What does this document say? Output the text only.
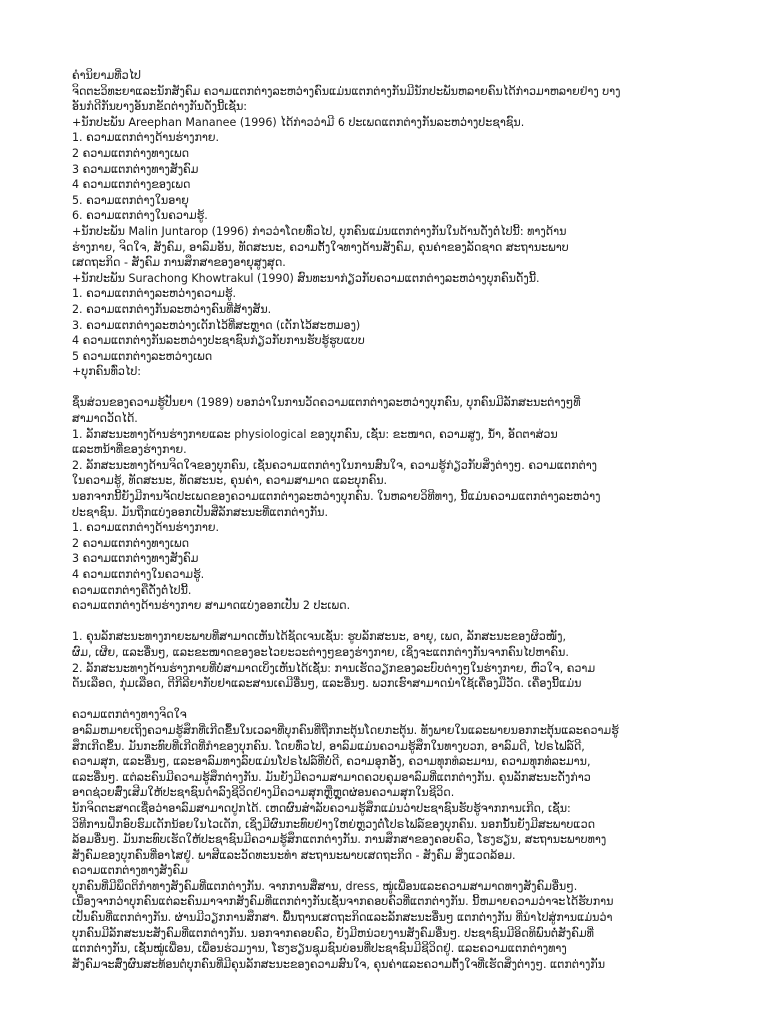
ຄໍານິຍາມທີ່ວໄປ
ຈິດຕະວິທະຍາແລະນັກສັງຄົມ ຄວາມແຕກຕ່າງລະຫວ່າງຄົນແມ່ນແຕກຕ່າງກັນມີນັກປະພັນຫລາຍຄົນໄດ້ກ່າວມາຫລາຍຢ່າງ ບາງ
ອັນກໍດີກັນບາງອັນກຂັດຕ່າງກັນດັ່ງນີ້ເຊັ່ນ:
+ນັກປະພັນ Areephan Mananee (1996) ໄດ້ກ່າວວ່າມີ 6 ປະເພດແຕກຕ່າງກັນລະຫວ່າງປະຊາຊົນ.
1. ຄວາມແຕກຕ່າງດ້ານຮ່າງກາຍ.
2 ຄວາມແຕກຕ່າງທາງເພດ
3 ຄວາມແຕກຕ່າງທາງສັງຄົມ
4 ຄວາມແຕກຕ່າງຂອງເພດ
5. ຄວາມແຕກຕ່າງໃນອາຍຸ
6. ຄວາມແຕກຕ່າງໃນຄວາມຮູ້.
+ນັກປະພັນ Malin Juntarop (1996) ກ່າວວ່າໂດຍທົ່ວໄປ, ບຸກຄົນແມ່ນແຕກຕ່າງກັນໃນດ້ານດັ່ງຕໍ່ໄປນີ້: ທາງດ້ານ
ຮ່າງກາຍ, ຈິດໃຈ, ສັງຄົມ, ອາລົມອັນ, ທັດສະນະ, ຄວາມຕັ້ງໃຈທາງດ້ານສັງຄົມ, ຄຸນຄ່າຂອງລັດຊາດ ສະຖານະພາບ
ເສດຖະກິດ - ສັງຄົມ ການສຶກສາຂອງອາຍຸສູງສຸດ.
+ນັກປະພັນ Surachong Khowtrakul (1990) ສົນທະນາກ່ຽວກັບຄວາມແຕກຕ່າງລະຫວ່າງບຸກຄົນດັ່ງນີ້.
1. ຄວາມແຕກຕ່າງລະຫວ່າງຄວາມຮູ້.
2. ຄວາມແຕກຕ່າງກັນລະຫວ່າງຄົນທີ່ສ້າງສັນ.
3. ຄວາມແຕກຕ່າງລະຫວ່າງເດັກໄວ້ທີ່ສະຫຼາດ (ເດັກໄວ້ສະຫມອງ)
4 ຄວາມແຕກຕ່າງກັນລະຫວ່າງປະຊາຊົນກ່ຽວກັບການຮັບຮູ້ຮູບແບບ
5 ຄວາມແຕກຕ່າງລະຫວ່າງເພດ
+ບຸກຄົນທົ່ວໄປ:
ຊຶ່ນສ່ວນຂອງຄວາມຮູ້ປັນຍາ (1989) ບອກວ່າໃນການວັດຄວາມແຕກຕ່າງລະຫວ່າງບຸກຄົນ, ບຸກຄົນມີລັກສະນະຕ່າງໆທີ່
ສາມາດວັດໄດ້.
1. ລັກສະນະທາງດ້ານຮ່າງກາຍແລະ physiological ຂອງບຸກຄົນ, ເຊັ່ນ: ຂະໜາດ, ຄວາມສູງ, ນ້ຳ, ອັດຕາສ່ວນ
ແລະຫນ້າທີ່ຂອງຮ່າງກາຍ.
2. ລັກສະນະທາງດ້ານຈິດໃຈຂອງບຸກຄົນ, ເຊັ່ນຄວາມແຕກຕ່າງໃນການສົນໃຈ, ຄວາມຮູ້ກ່ຽວກັບສິ່ງຕ່າງໆ. ຄວາມແຕກຕ່າງ
ໃນຄວາມຮູ້, ທັດສະນະ, ທັດສະນະ, ຄຸນຄ່າ, ຄວາມສາມາດ ແລະບຸກຄົນ.
ນອກຈາກນີ້ຍັງມີການຈັດປະເພດຂອງຄວາມແຕກຕ່າງລະຫວ່າງບຸກຄົນ. ໃນຫລາຍວິທີທາງ, ນີ້ແມ່ນຄວາມແຕກຕ່າງລະຫວ່າງ
ປະຊາຊົນ. ມັນຖືກແບ່ງອອກເປັນສີ່ລັກສະນະທີ່ແຕກຕ່າງກັນ.
1. ຄວາມແຕກຕ່າງດ້ານຮ່າງກາຍ.
2 ຄວາມແຕກຕ່າງທາງເພດ
3 ຄວາມແຕກຕ່າງທາງສັງຄົມ
4 ຄວາມແຕກຕ່າງໃນຄວາມຮູ້.
ຄວາມແຕກຕ່າງຄືດັ່ງຕໍ່ໄປນີ້.
ຄວາມແຕກຕ່າງດ້ານຮ່າງກາຍ ສາມາດແບ່ງອອກເປັນ 2 ປະເພດ.
1. ຄຸນລັກສະນະທາງກາຍະພາບທີ່ສາມາດເຫັນໄດ້ຊັດເຈນເຊັ່ນ: ຮູບລັກສະນະ, ອາຍຸ, ເພດ, ລັກສະນະຂອງຜິວໜັງ,
ຜົມ, ເຜີຍ, ແລະອື່ນໆ, ແລະຂະໜາດຂອງອະໄວຍະວະຕ່າງໆຂອງຮ່າງກາຍ, ເຊິ່ງຈະແຕກຕ່າງກັນຈາກຄົນໄປຫາຄົນ.
2. ລັກສະນະທາງດ້ານຮ່າງກາຍທີ່ບໍ່ສາມາດເບິ່ງເຫັນໄດ້ເຊັ່ນ: ການເຮັດວຽກຂອງລະບົບຕ່າງໆໃນຮ່າງກາຍ, ຫົວໃຈ, ຄວາມ
ດັນເລືອດ, ກຸ່ມເລືອດ, ຕີກີລີຍາກັບຢາແລະສານເຄມີອື່ນໆ, ແລະອື່ນໆ. ພວກເຮົາສາມາດນໍາໃຊ້ເຄື່ອງມືວັດ. ເຄື່ອງນີ້ແມ່ນ
ຄວາມແຕກຕ່າງທາງຈິດໃຈ
ອາລົມຫມາຍເຖິງຄວາມຮູ້ສຶກທີ່ເກີດຂຶ້ນໃນເວລາທີ່ບຸກຄົນທີ່ຖືກກະຕຸ້ນໂດຍກະຕຸ້ນ. ທັງພາຍໃນແລະພາຍນອກກະຕຸ້ນແລະຄວາມຮູ້
ສຶກເກີດຂຶ້ນ. ມັນກະທົບທີ່ເກີດທີ່ກໍາຂອງບຸກຄົນ. ໂດຍທົ່ວໄປ, ອາລົມແມ່ນຄວາມຮູ້ສຶກໃນທາງບວກ, ອາລົມດີ, ໄປຣໄຟລ໌ດີ,
ຄວາມສຸກ, ແລະອື່ນໆ, ແລະອາລົມທາງລົບແມ່ນໂປຣໄຟລ໌ທີ່ບໍ່ດີ, ຄວາມອຸກອັ່ງ, ຄວາມທຸກທໍລະມານ, ຄວາມທຸກທໍລະມານ,
ແລະອື່ນໆ. ແຕ່ລະຄົນມີຄວາມຮູ້ສຶກຕ່າງກັນ. ມັນຍັງມີຄວາມສາມາດຄວບຄຸມອາລົມທີ່ແຕກຕ່າງກັນ. ຄຸນລັກສະນະດັ່ງກ່າວ
ອາດຊ່ວຍສົ່ງເສີມໃຫ້ປະຊາຊົນດໍາລົງຊີວິດຢ່າງມີຄວາມສຸກຫຼືຫຼຸດຜ່ອນຄວາມສຸກໃນຊີວິດ.
ນັກຈິດຕະສາດເຊື່ອວ່າອາລົມສາມາດປູກໄດ້. ເຫດຜົນສໍາລັບຄວາມຮູ້ສຶກແມ່ນວ່າປະຊາຊົນຮັບຮູ້ຈາກການເກີດ, ເຊັ່ນ:
ວິທີການຝຶກອົບຮົມເດັກນ້ອຍໃນໄວເດັກ, ເຊິ່ງມີຜົນກະທົບຢ່າງໃຫຍ່ຫຼວງຕໍ່ໂປຣໄຟລ໌ຂອງບຸກຄົນ. ນອກນັ້ນຍັງມີສະພາບແວດ
ລ້ອມອື່ນໆ. ມັນກະທົບເຮັດໃຫ້ປະຊາຊົນມີຄວາມຮູ້ສຶກແຕກຕ່າງກັນ. ການສຶກສາຂອງຄອບຄົວ, ໂຮງຮຽນ, ສະຖານະພາບທາງ
ສັງຄົມຂອງບຸກຄົນທີ່ອາໄສຢູ່. ພາສີແລະວັດທະນະທໍາ ສະຖານະພາບເສດຖະກິດ - ສັງຄົມ ສິ່ງແວດລ້ອມ.
ຄວາມແຕກຕ່າງທາງສັງຄົມ
ບຸກຄົນທີ່ມີພຶດຕິກໍາທາງສັງຄົມທີ່ແຕກຕ່າງກັນ. ຈາກການສື່ສານ, dress, ໝູ່ເພື່ອນແລະຄວາມສາມາດທາງສັງຄົມອື່ນໆ.
ເນື່ອງຈາກວ່າບຸກຄົນແຕ່ລະຄົນມາຈາກສັງຄົມທີ່ແຕກຕ່າງກັນເຊັ່ນຈາກຄອບຄົວທີ່ແຕກຕ່າງກັນ. ນີ້ຫມາຍຄວາມວ່າຈະໄດ້ຮັບການ
ເປັນຄົນທີ່ແຕກຕ່າງກັນ. ຜ່ານມີວຽກການສຶກສາ. ພື້ນຖານເສດຖະກິດແລະລັກສະນະອື່ນໆ ແຕກຕ່າງກັນ ທີ່ນໍາໄປສູ່ການແມ່ນວ່າ
ບຸກຄົນມີລັກສະນະສັງຄົມທີ່ແຕກຕ່າງກັນ. ນອກຈາກຄອບຄົວ, ຍັງມີຫນ່ວຍງານສັງຄົມອື່ນໆ. ປະຊາຊົນມີອິດທິພົນຕໍ່ສັງຄົມທີ່
ແຕກຕ່າງກັນ, ເຊັ່ນໝູ່ເພື່ອນ, ເພື່ອນຮ່ວມງານ, ໂຮງຮຽນຊຸມຊົນບ່ອນທີ່ປະຊາຊົນມີຊີວິດຢູ່. ແລະຄວາມແຕກຕ່າງທາງ
ສັງຄົມຈະສົ່ງຜົນສະທ້ອນຕໍ່ບຸກຄົນທີ່ມີຄຸນລັກສະນະຂອງຄວາມສົນໃຈ, ຄຸນຄ່າແລະຄວາມຕັ້ງໃຈທີ່ເຮັດສິ່ງຕ່າງໆ. ແຕກຕ່າງກັນ
